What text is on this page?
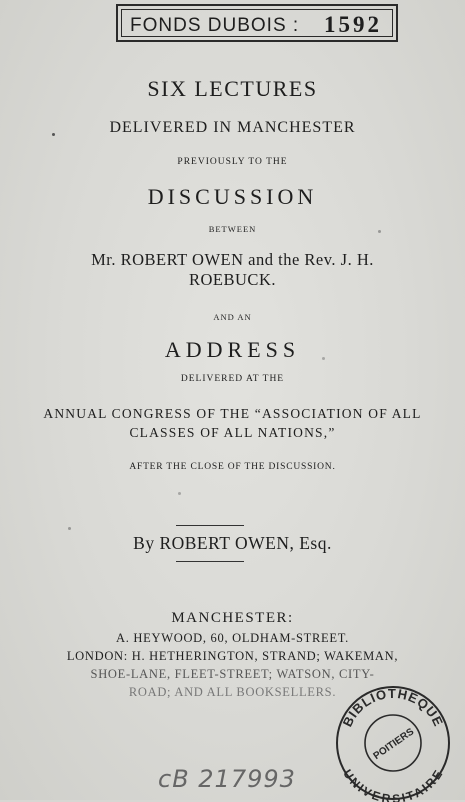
FONDS DUBOIS : 1592
SIX LECTURES
DELIVERED IN MANCHESTER
PREVIOUSLY TO THE
DISCUSSION
BETWEEN
Mr. ROBERT OWEN and the Rev. J. H.
ROEBUCK.
AND AN
ADDRESS
DELIVERED AT THE
ANNUAL CONGRESS OF THE “ASSOCIATION OF ALL
CLASSES OF ALL NATIONS,”
AFTER THE CLOSE OF THE DISCUSSION.
By ROBERT OWEN, Esq.
MANCHESTER:
A. HEYWOOD, 60, OLDHAM-STREET.
LONDON: H. HETHERINGTON, STRAND; WAKEMAN,
SHOE-LANE, FLEET-STREET; WATSON, CITY-
ROAD; AND ALL BOOKSELLERS.
BIBLIOTHÈQUE
UNIVERSITAIRE
POITIERS
cB 217993
